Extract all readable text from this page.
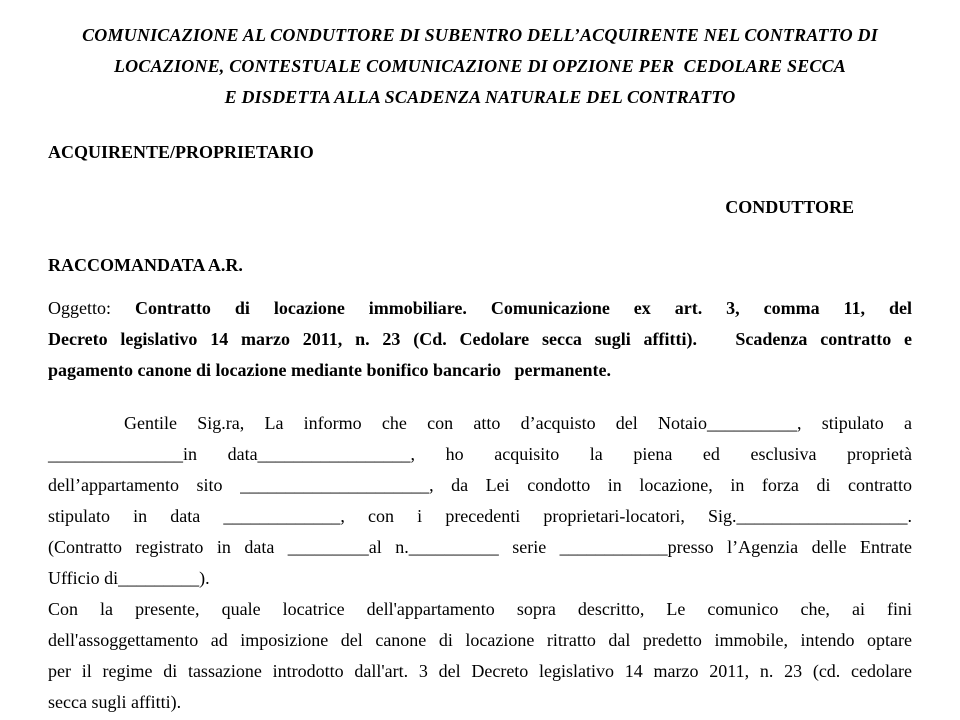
COMUNICAZIONE AL CONDUTTORE DI SUBENTRO DELL’ACQUIRENTE NEL CONTRATTO DI
LOCAZIONE, CONTESTUALE COMUNICAZIONE DI OPZIONE PER  CEDOLARE SECCA
E DISDETTA ALLA SCADENZA NATURALE DEL CONTRATTO
ACQUIRENTE/PROPRIETARIO
CONDUTTORE
RACCOMANDATA A.R.
Oggetto: Contratto di locazione immobiliare. Comunicazione ex art. 3, comma 11, del
Decreto legislativo 14 marzo 2011, n. 23 (Cd. Cedolare secca sugli affitti).   Scadenza contratto e
pagamento canone di locazione mediante bonifico bancario   permanente.
Gentile Sig.ra, La informo che con atto d’acquisto del Notaio__________, stipulato a
_______________in data_________________, ho acquisito la piena ed esclusiva proprietà
dell’appartamento sito _____________________, da Lei condotto in locazione, in forza di contratto
stipulato in data _____________, con i precedenti proprietari-locatori, Sig.___________________.
(Contratto registrato in data _________al n.__________ serie ____________presso l’Agenzia delle Entrate
Ufficio di_________).
Con la presente, quale locatrice dell'appartamento sopra descritto, Le comunico che, ai fini
dell'assoggettamento ad imposizione del canone di locazione ritratto dal predetto immobile, intendo optare
per il regime di tassazione introdotto dall'art. 3 del Decreto legislativo 14 marzo 2011, n. 23 (cd. cedolare
secca sugli affitti).
